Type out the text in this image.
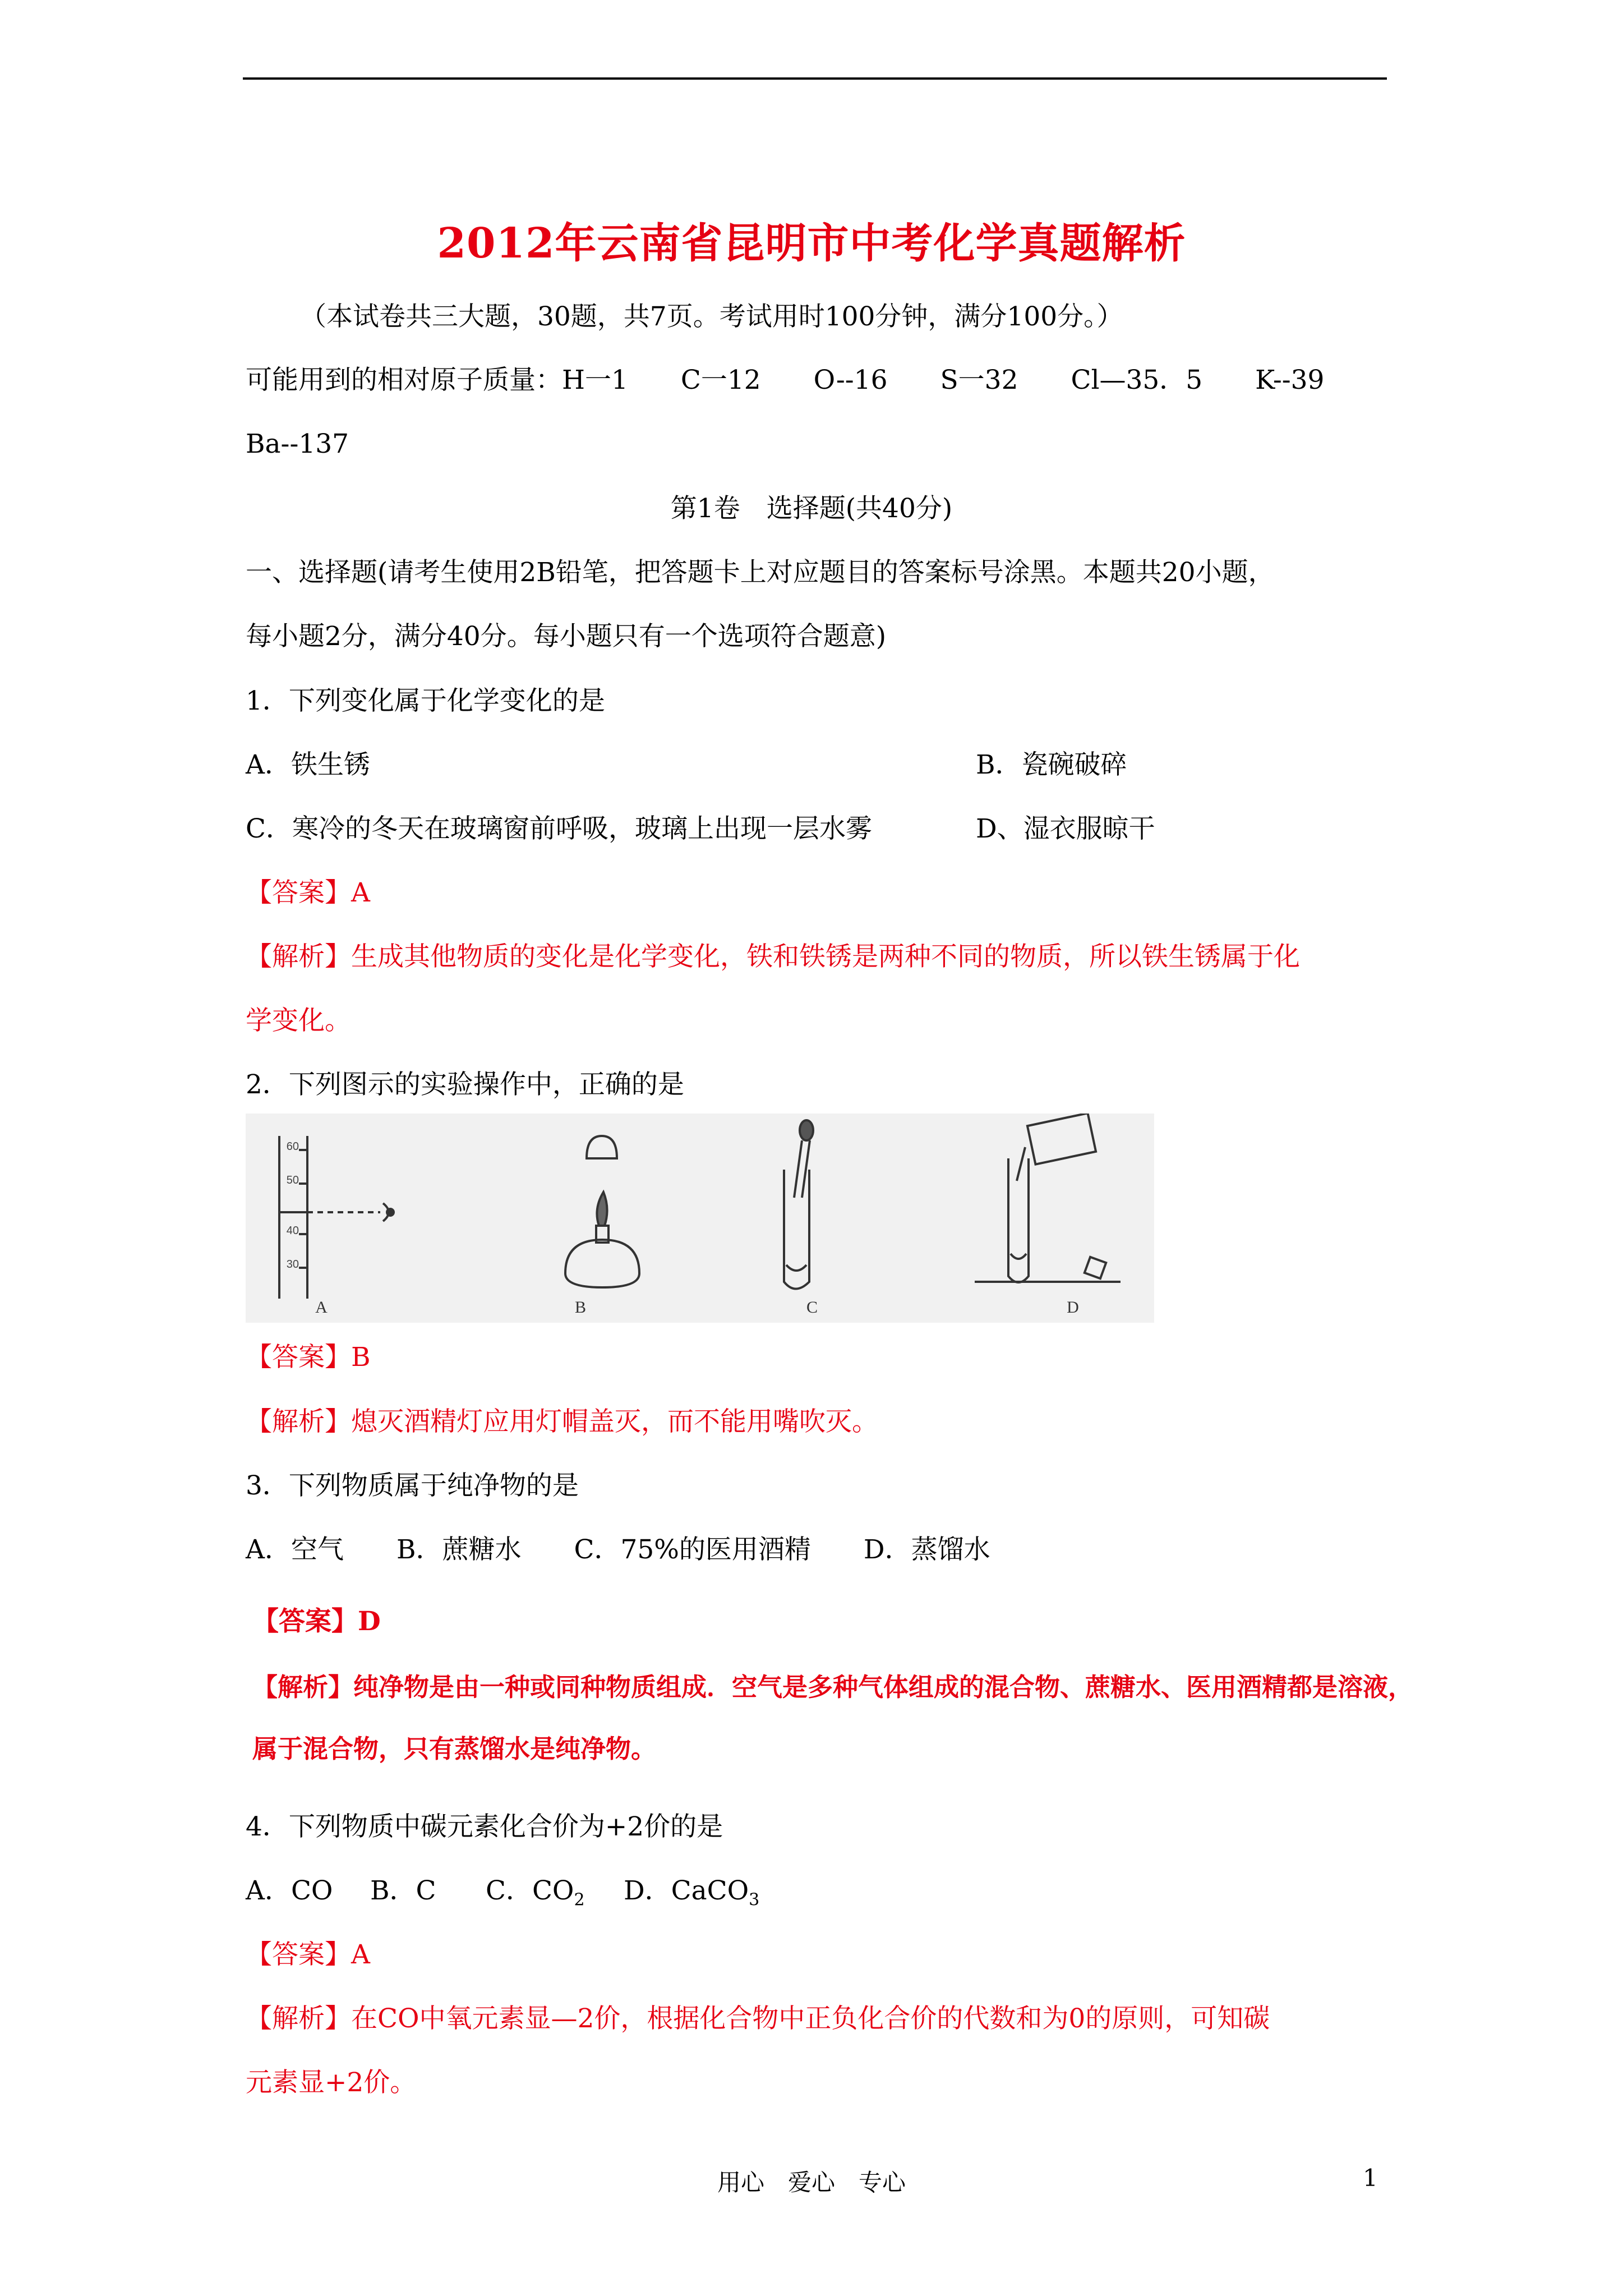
2012年云南省昆明市中考化学真题解析
（本试卷共三大题，30题，共7页。考试用时100分钟，满分100分。）
可能用到的相对原子质量：H一1　　C一12　　O--16　　S一32　　Cl—35．5　　K--39
Ba--137
第1卷　选择题(共40分)
一、选择题(请考生使用2B铅笔，把答题卡上对应题目的答案标号涂黑。本题共20小题，
每小题2分，满分40分。每小题只有一个选项符合题意)
1．下列变化属于化学变化的是
A．铁生锈	B．瓷碗破碎
C．寒冷的冬天在玻璃窗前呼吸，玻璃上出现一层水雾	D、湿衣服晾干
【答案】A
【解析】生成其他物质的变化是化学变化，铁和铁锈是两种不同的物质，所以铁生锈属于化
学变化。
2．下列图示的实验操作中，正确的是
60
50
40
30
A	B	C	D
【答案】B
【解析】熄灭酒精灯应用灯帽盖灭，而不能用嘴吹灭。
3．下列物质属于纯净物的是
A．空气　　B．蔗糖水　　C．75%的医用酒精　　D．蒸馏水
【答案】D
【解析】纯净物是由一种或同种物质组成．空气是多种气体组成的混合物、蔗糖水、医用酒精都是溶液，
属于混合物，只有蒸馏水是纯净物。
4．下列物质中碳元素化合价为+2价的是
A．CO B．C C．$CO_2$ D．CaCO$_3$
【答案】A
【解析】在CO中氧元素显—2价，根据化合物中正负化合价的代数和为0的原则，可知碳
元素显+2价。
用心　爱心　专心	1
